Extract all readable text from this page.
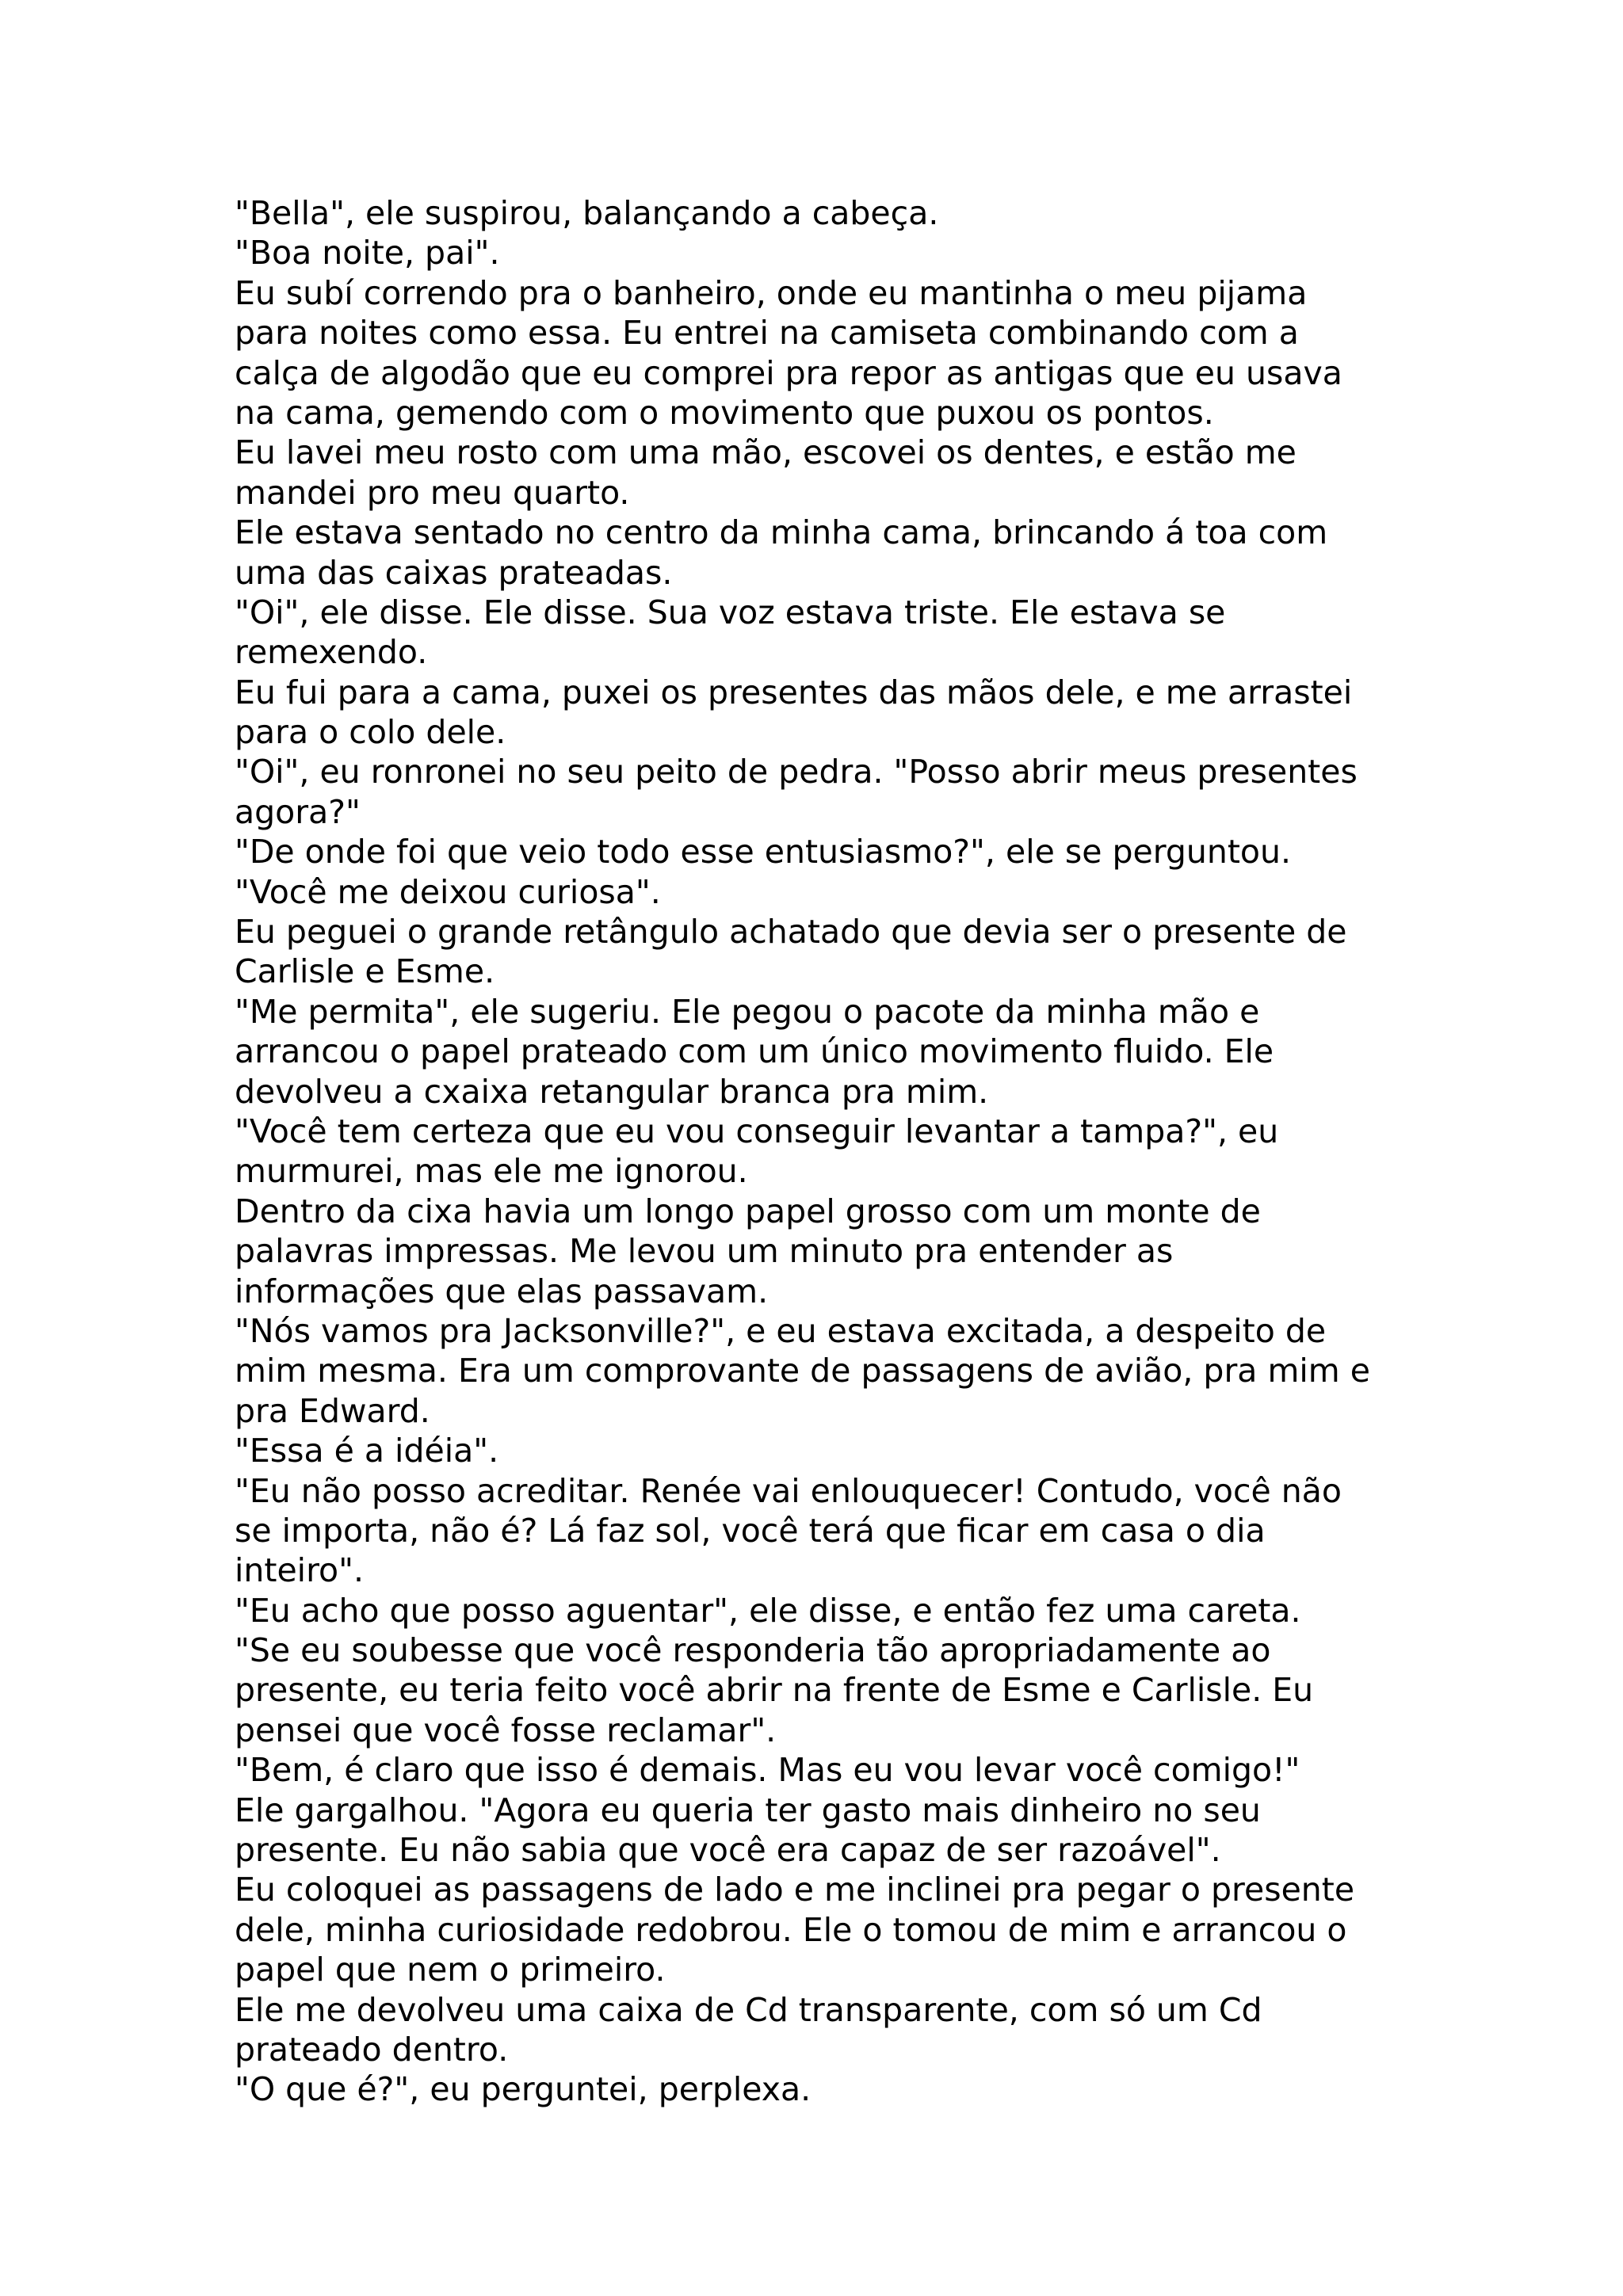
"Bella", ele suspirou, balançando a cabeça.
"Boa noite, pai".
Eu subí correndo pra o banheiro, onde eu mantinha o meu pijama
para noites como essa. Eu entrei na camiseta combinando com a
calça de algodão que eu comprei pra repor as antigas que eu usava
na cama, gemendo com o movimento que puxou os pontos.
Eu lavei meu rosto com uma mão, escovei os dentes, e estão me
mandei pro meu quarto.
Ele estava sentado no centro da minha cama, brincando á toa com
uma das caixas prateadas.
"Oi", ele disse. Ele disse. Sua voz estava triste. Ele estava se
remexendo.
Eu fui para a cama, puxei os presentes das mãos dele, e me arrastei
para o colo dele.
"Oi", eu ronronei no seu peito de pedra. "Posso abrir meus presentes
agora?"
"De onde foi que veio todo esse entusiasmo?", ele se perguntou.
"Você me deixou curiosa".
Eu peguei o grande retângulo achatado que devia ser o presente de
Carlisle e Esme.
"Me permita", ele sugeriu. Ele pegou o pacote da minha mão e
arrancou o papel prateado com um único movimento fluido. Ele
devolveu a cxaixa retangular branca pra mim.
"Você tem certeza que eu vou conseguir levantar a tampa?", eu
murmurei, mas ele me ignorou.
Dentro da cixa havia um longo papel grosso com um monte de
palavras impressas. Me levou um minuto pra entender as
informações que elas passavam.
"Nós vamos pra Jacksonville?", e eu estava excitada, a despeito de
mim mesma. Era um comprovante de passagens de avião, pra mim e
pra Edward.
"Essa é a idéia".
"Eu não posso acreditar. Renée vai enlouquecer! Contudo, você não
se importa, não é? Lá faz sol, você terá que ficar em casa o dia
inteiro".
"Eu acho que posso aguentar", ele disse, e então fez uma careta.
"Se eu soubesse que você responderia tão apropriadamente ao
presente, eu teria feito você abrir na frente de Esme e Carlisle. Eu
pensei que você fosse reclamar".
"Bem, é claro que isso é demais. Mas eu vou levar você comigo!"
Ele gargalhou. "Agora eu queria ter gasto mais dinheiro no seu
presente. Eu não sabia que você era capaz de ser razoável".
Eu coloquei as passagens de lado e me inclinei pra pegar o presente
dele, minha curiosidade redobrou. Ele o tomou de mim e arrancou o
papel que nem o primeiro.
Ele me devolveu uma caixa de Cd transparente, com só um Cd
prateado dentro.
"O que é?", eu perguntei, perplexa.
